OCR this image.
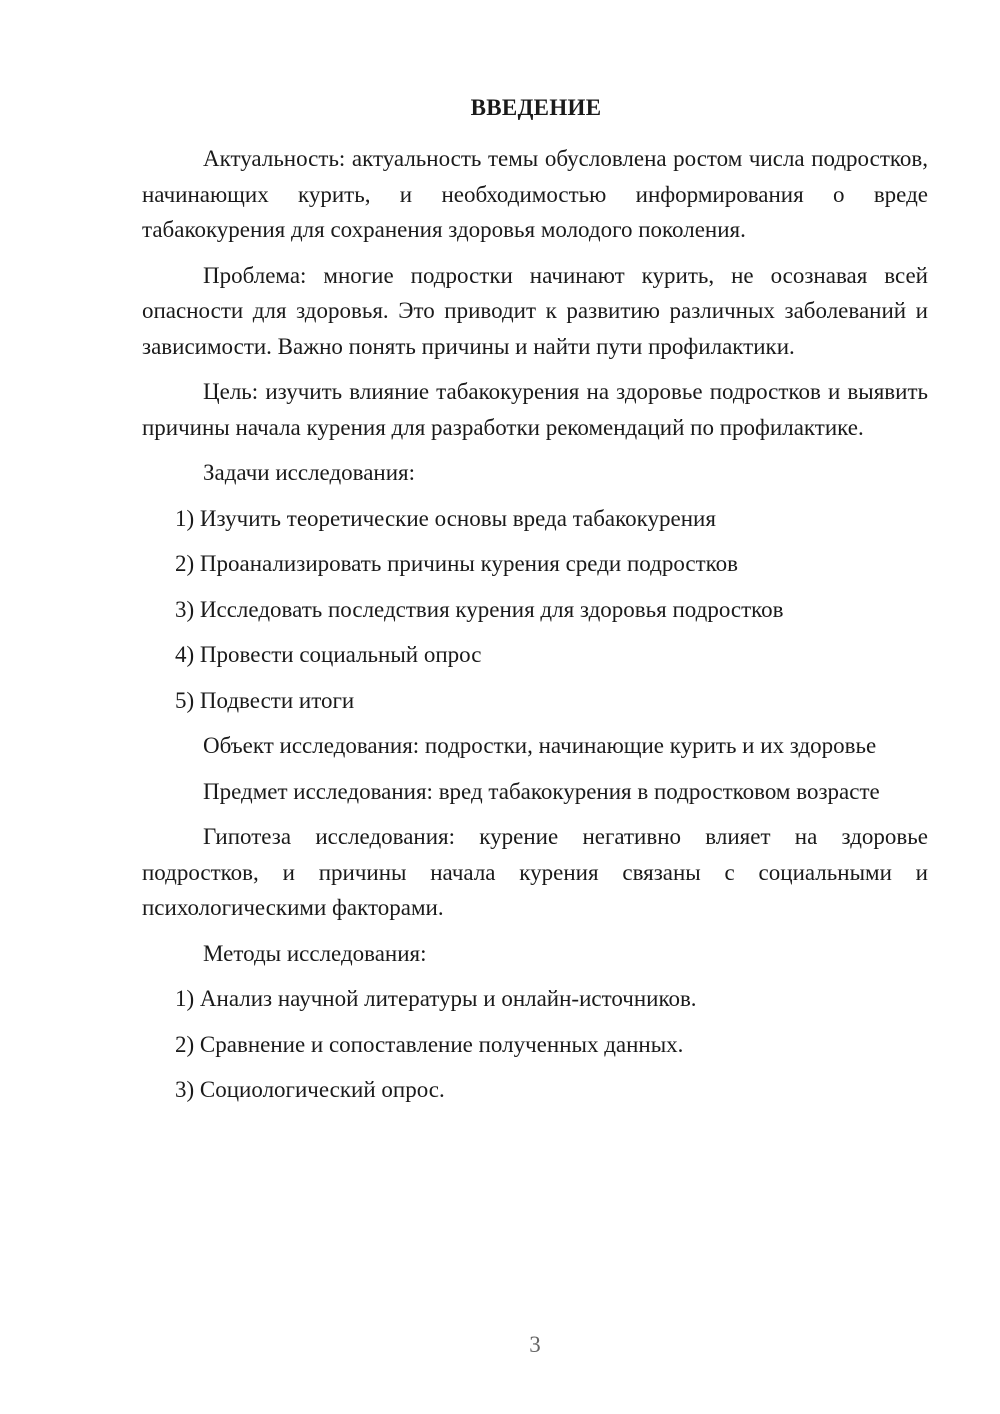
ВВЕДЕНИЕ

Актуальность: актуальность темы обусловлена ростом числа подростков, начинающих курить, и необходимостью информирования о вреде табакокурения для сохранения здоровья молодого поколения.

Проблема: многие подростки начинают курить, не осознавая всей опасности для здоровья. Это приводит к развитию различных заболеваний и зависимости. Важно понять причины и найти пути профилактики.

Цель: изучить влияние табакокурения на здоровье подростков и выявить причины начала курения для разработки рекомендаций по профилактике.

Задачи исследования:

1) Изучить теоретические основы вреда табакокурения

2) Проанализировать причины курения среди подростков

3) Исследовать последствия курения для здоровья подростков

4) Провести социальный опрос

5) Подвести итоги

Объект исследования: подростки, начинающие курить и их здоровье

Предмет исследования: вред табакокурения в подростковом возрасте

Гипотеза исследования: курение негативно влияет на здоровье подростков, и причины начала курения связаны с социальными и психологическими факторами.

Методы исследования:

1) Анализ научной литературы и онлайн-источников.

2) Сравнение и сопоставление полученных данных.

3) Социологический опрос.

3
